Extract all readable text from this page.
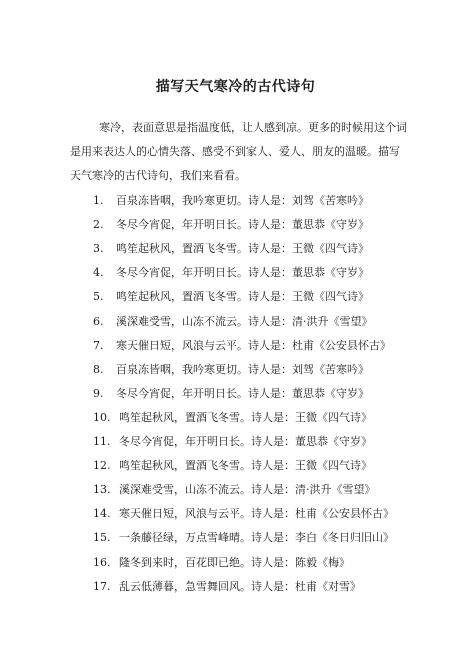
描写天气寒冷的古代诗句
寒冷，表面意思是指温度低，让人感到凉。更多的时候用这个词
是用来表达人的心情失落、感受不到家人、爱人、朋友的温暖。描写
天气寒冷的古代诗句，我们来看看。
1.	百泉冻皆咽，我吟寒更切。诗人是：刘驾《苦寒吟》
2.	冬尽今宵促，年开明日长。诗人是：董思恭《守岁》
3.	鸣笙起秋风，置酒飞冬雪。诗人是：王微《四气诗》
4.	冬尽今宵促，年开明日长。诗人是：董思恭《守岁》
5.	鸣笙起秋风，置酒飞冬雪。诗人是：王微《四气诗》
6.	溪深难受雪，山冻不流云。诗人是：清·洪升《雪望》
7.	寒天催日短，风浪与云平。诗人是：杜甫《公安县怀古》
8.	百泉冻皆咽，我吟寒更切。诗人是：刘驾《苦寒吟》
9.	冬尽今宵促，年开明日长。诗人是：董思恭《守岁》
10. 鸣笙起秋风，置酒飞冬雪。诗人是：王微《四气诗》
11. 冬尽今宵促，年开明日长。诗人是：董思恭《守岁》
12. 鸣笙起秋风，置酒飞冬雪。诗人是：王微《四气诗》
13. 溪深难受雪，山冻不流云。诗人是：清·洪升《雪望》
14. 寒天催日短，风浪与云平。诗人是：杜甫《公安县怀古》
15. 一条藤径绿，万点雪峰晴。诗人是：李白《冬日归旧山》
16. 隆冬到来时，百花即已绝。诗人是：陈毅《梅》
17. 乱云低薄暮，急雪舞回风。诗人是：杜甫《对雪》
